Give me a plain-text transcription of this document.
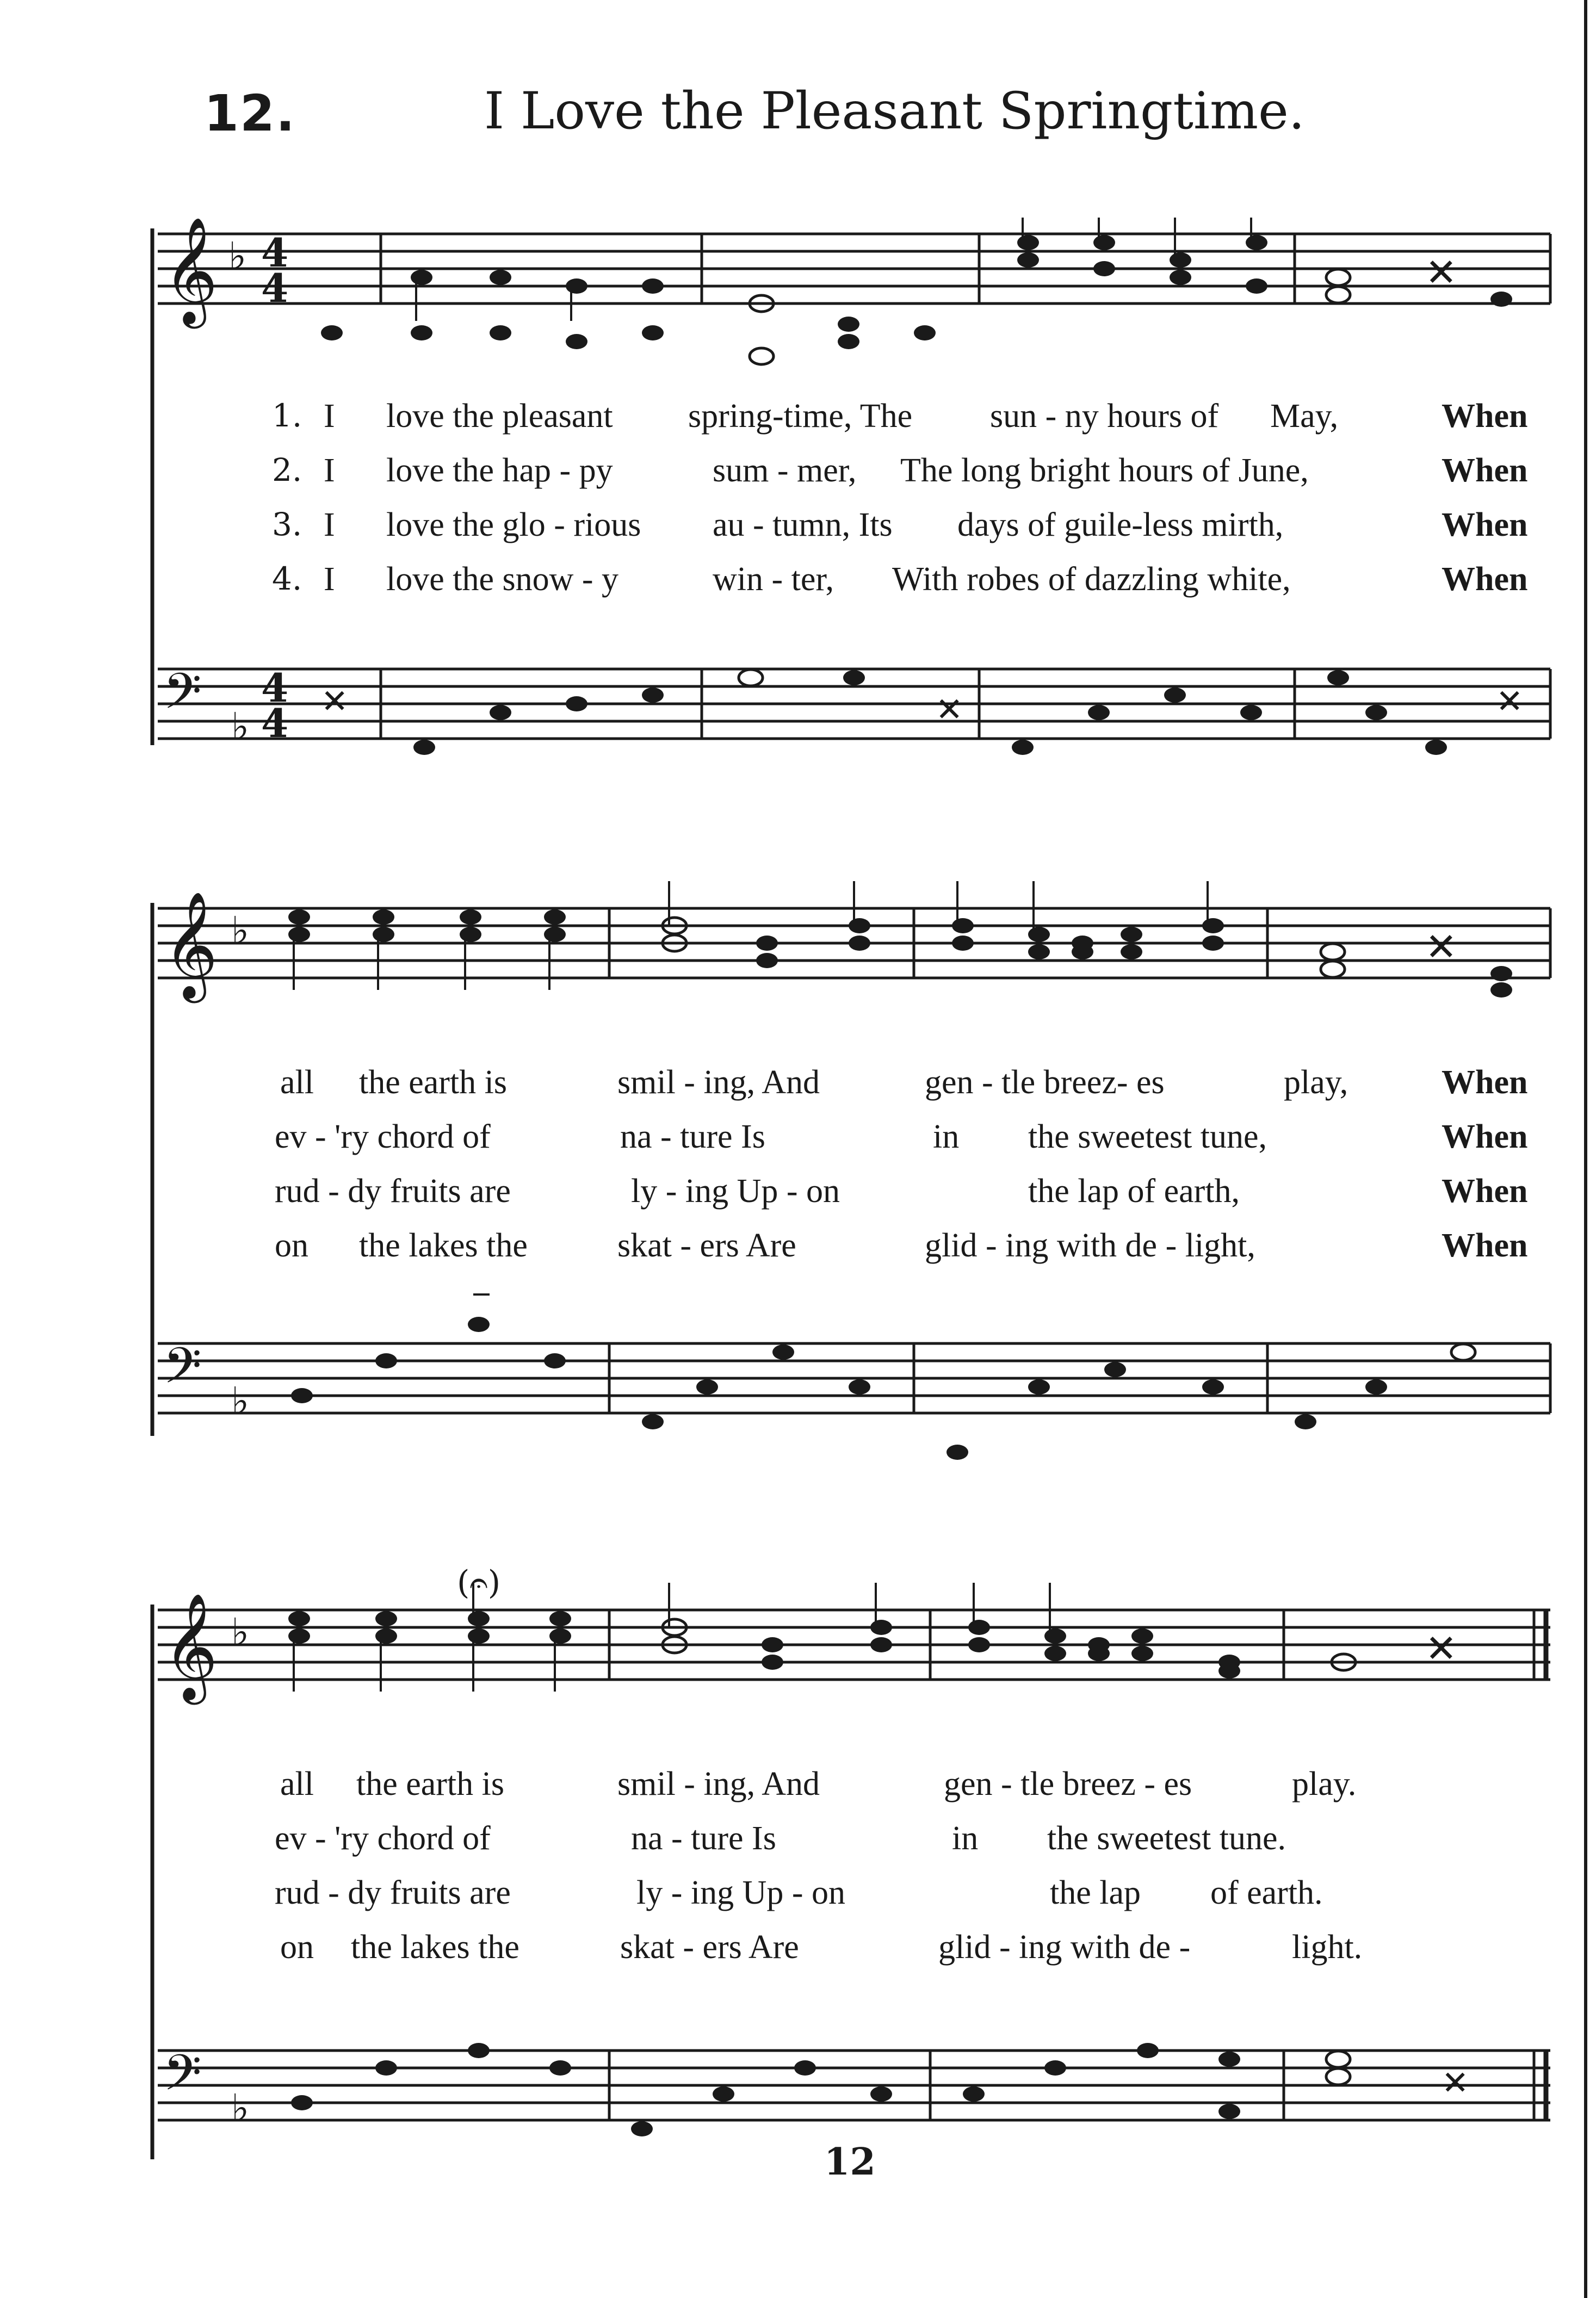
12.	I Love the Pleasant Springtime.
𝄞 ♭ 4
4	✕
1. I love the pleasant spring-time, The sun - ny hours of May,	When
2. I love the hap - py	sum - mer, The long bright hours of June,	When
3. I love the glo - rious au - tumn, Its days of guile-less mirth,	When
4. I love the snow - y	win - ter, With robes of dazzling white,	When
𝄢 ♭
4
4	✕	✕
✕
𝄞 ♭	✕
all the earth is	smil - ing, And	gen - tle breez- es	play,	When
ev - 'ry chord of	na - ture Is	in the sweetest tune,	When
rud - dy fruits are	ly - ing Up - on	the lap of earth,	When
on the lakes the	skat - ers Are	glid - ing with de - light,	When
𝄢 ♭
𝄞 ♭
(𝄐)
✕
all the earth is	smil - ing, And	gen - tle breez - es	play.
ev - 'ry chord of	na - ture Is	in the sweetest tune.
rud - dy fruits are	ly - ing Up - on	the lap of earth.
on the lakes the	skat - ers Are	glid - ing with de -	light.
𝄢 ♭
✕
12
